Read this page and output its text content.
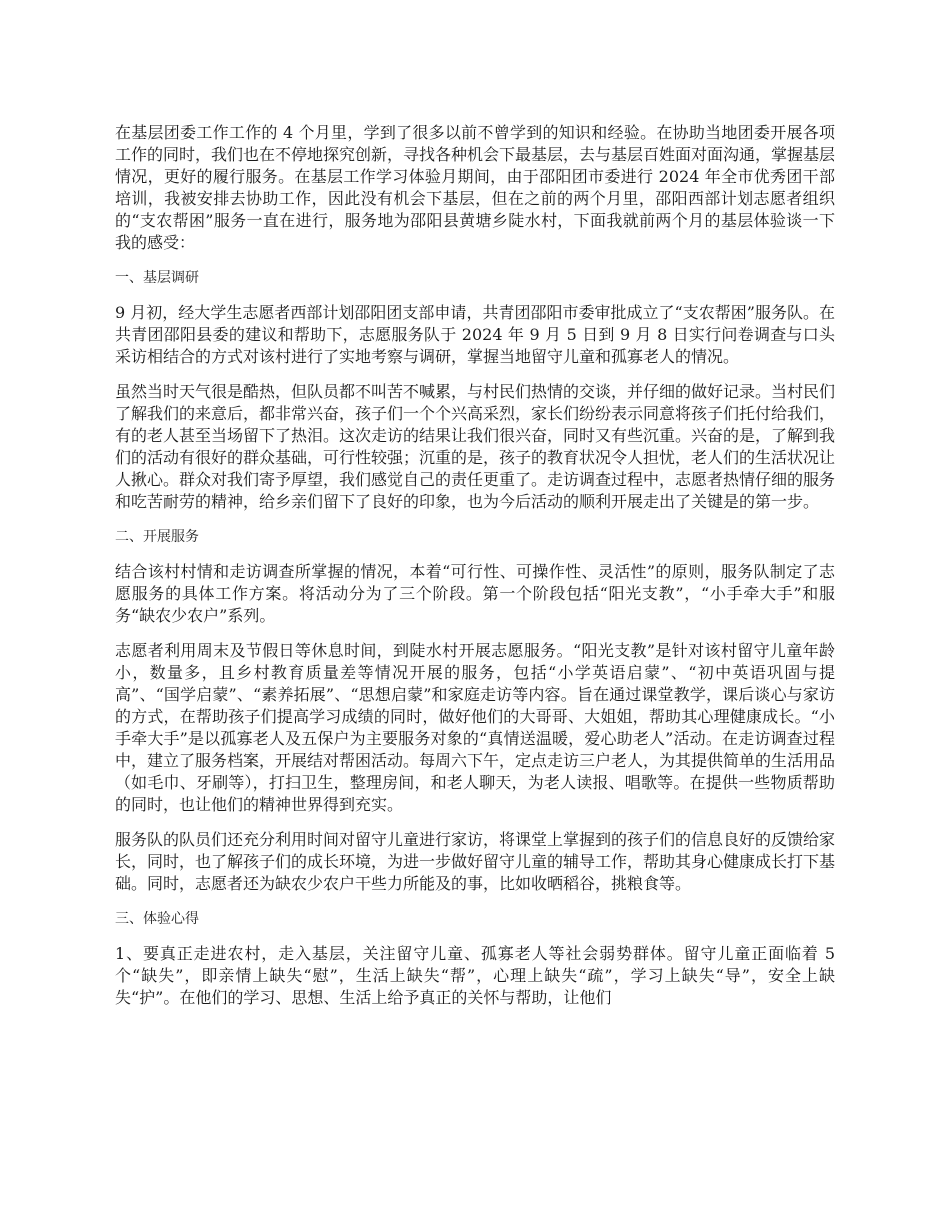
在基层团委工作工作的 4 个月里，学到了很多以前不曾学到的知识和经验。在协助当地团委开展各项工作的同时，我们也在不停地探究创新，寻找各种机会下最基层，去与基层百姓面对面沟通，掌握基层情况，更好的履行服务。在基层工作学习体验月期间，由于邵阳团市委进行 2024 年全市优秀团干部培训，我被安排去协助工作，因此没有机会下基层，但在之前的两个月里，邵阳西部计划志愿者组织的“支农帮困”服务一直在进行，服务地为邵阳县黄塘乡陡水村，下面我就前两个月的基层体验谈一下我的感受：

一、基层调研

9 月初，经大学生志愿者西部计划邵阳团支部申请，共青团邵阳市委审批成立了“支农帮困”服务队。在共青团邵阳县委的建议和帮助下，志愿服务队于 2024 年 9 月 5 日到 9 月 8 日实行问卷调查与口头采访相结合的方式对该村进行了实地考察与调研，掌握当地留守儿童和孤寡老人的情况。

虽然当时天气很是酷热，但队员都不叫苦不喊累，与村民们热情的交谈，并仔细的做好记录。当村民们了解我们的来意后，都非常兴奋，孩子们一个个兴高采烈，家长们纷纷表示同意将孩子们托付给我们，有的老人甚至当场留下了热泪。这次走访的结果让我们很兴奋，同时又有些沉重。兴奋的是，了解到我们的活动有很好的群众基础，可行性较强；沉重的是，孩子的教育状况令人担忧，老人们的生活状况让人揪心。群众对我们寄予厚望，我们感觉自己的责任更重了。走访调查过程中，志愿者热情仔细的服务和吃苦耐劳的精神，给乡亲们留下了良好的印象，也为今后活动的顺利开展走出了关键是的第一步。

二、开展服务

结合该村村情和走访调查所掌握的情况，本着“可行性、可操作性、灵活性”的原则，服务队制定了志愿服务的具体工作方案。将活动分为了三个阶段。第一个阶段包括“阳光支教”，“小手牵大手”和服务“缺农少农户”系列。

志愿者利用周末及节假日等休息时间，到陡水村开展志愿服务。“阳光支教”是针对该村留守儿童年龄小，数量多，且乡村教育质量差等情况开展的服务，包括“小学英语启蒙”、“初中英语巩固与提高”、“国学启蒙”、“素养拓展”、“思想启蒙”和家庭走访等内容。旨在通过课堂教学，课后谈心与家访的方式，在帮助孩子们提高学习成绩的同时，做好他们的大哥哥、大姐姐，帮助其心理健康成长。“小手牵大手”是以孤寡老人及五保户为主要服务对象的“真情送温暖，爱心助老人”活动。在走访调查过程中，建立了服务档案，开展结对帮困活动。每周六下午，定点走访三户老人，为其提供简单的生活用品（如毛巾、牙刷等），打扫卫生，整理房间，和老人聊天，为老人读报、唱歌等。在提供一些物质帮助的同时，也让他们的精神世界得到充实。

服务队的队员们还充分利用时间对留守儿童进行家访，将课堂上掌握到的孩子们的信息良好的反馈给家长，同时，也了解孩子们的成长环境，为进一步做好留守儿童的辅导工作，帮助其身心健康成长打下基础。同时，志愿者还为缺农少农户干些力所能及的事，比如收晒稻谷，挑粮食等。

三、体验心得

1、要真正走进农村，走入基层，关注留守儿童、孤寡老人等社会弱势群体。留守儿童正面临着 5 个“缺失”，即亲情上缺失“慰”，生活上缺失“帮”，心理上缺失“疏”，学习上缺失“导”，安全上缺失“护”。在他们的学习、思想、生活上给予真正的关怀与帮助，让他们
